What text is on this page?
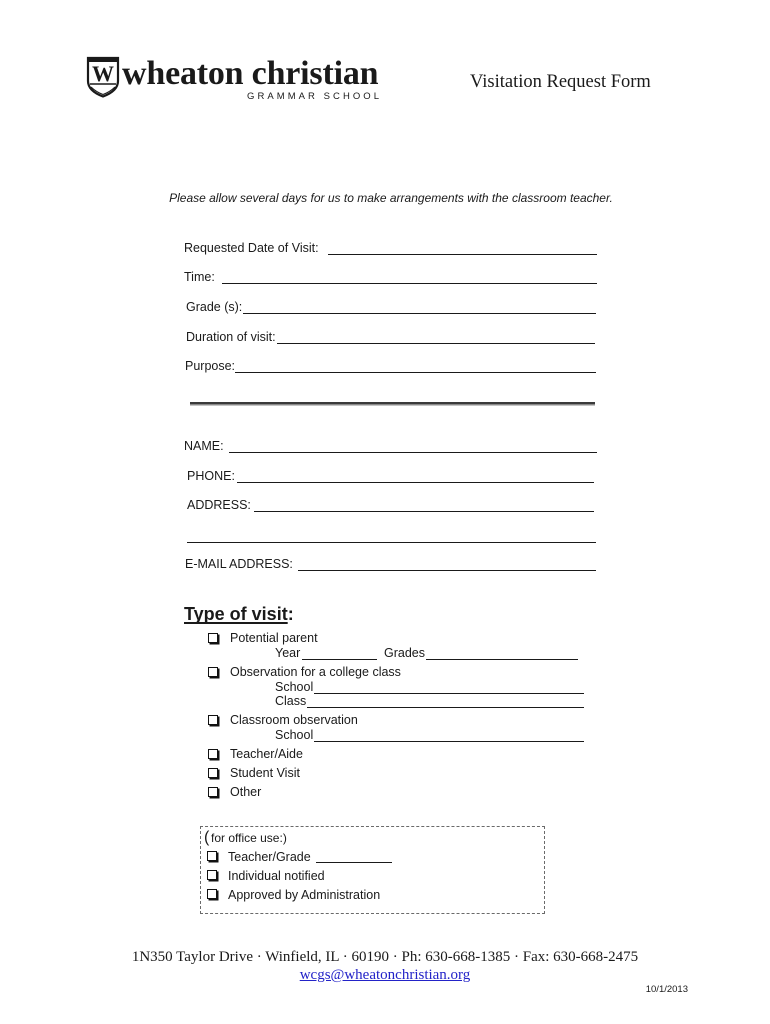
W wheaton christian
GRAMMAR SCHOOL
Visitation Request Form
Please allow several days for us to make arrangements with the classroom teacher.
Requested Date of Visit:
Time:
Grade (s):
Duration of visit:
Purpose:
NAME:
PHONE:
ADDRESS:
E-MAIL ADDRESS:
Type of visit:
Potential parent
Year	Grades
Observation for a college class
School
Class
Classroom observation
School
Teacher/Aide
Student Visit
Other
( for office use:)
Teacher/Grade
Individual notified
Approved by Administration
1N350 Taylor Drive · Winfield, IL · 60190 · Ph: 630-668-1385 · Fax: 630-668-2475
wcgs@wheatonchristian.org
10/1/2013
